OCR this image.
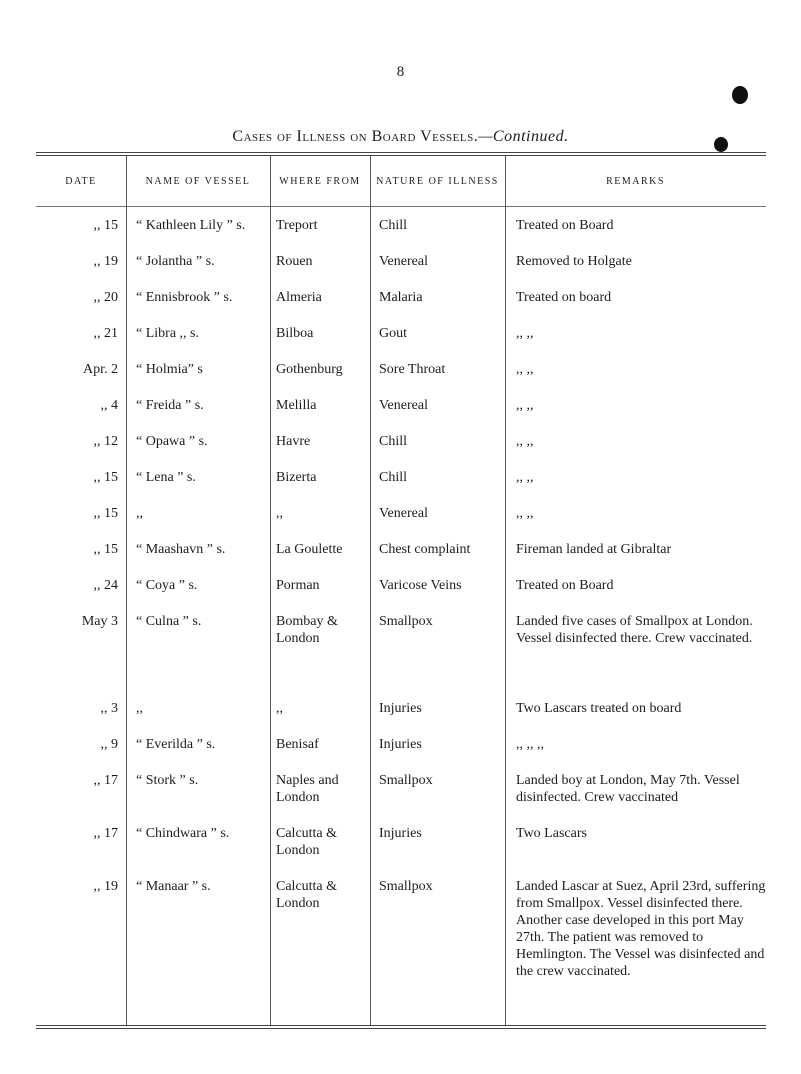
8
Cases of Illness on Board Vessels.—Continued.
DATE	NAME OF VESSEL	WHERE FROM	NATURE OF ILLNESS	REMARKS
,, 15	“ Kathleen Lily ” s.	Treport	Chill	Treated on Board
,, 19	“ Jolantha ” s.	Rouen	Venereal	Removed to Holgate
,, 20	“ Ennisbrook ” s.	Almeria	Malaria	Treated on board
,, 21	“ Libra ,, s.	Bilboa	Gout	,, ,,
Apr. 2	“ Holmia” s	Gothenburg	Sore Throat	,, ,,
,, 4	“ Freida ” s.	Melilla	Venereal	,, ,,
,, 12	“ Opawa ” s.	Havre	Chill	,, ,,
,, 15	“ Lena ” s.	Bizerta	Chill	,, ,,
,, 15	,,	,,	Venereal	,, ,,
,, 15	“ Maashavn ” s.	La Goulette	Chest complaint	Fireman landed at Gibraltar
,, 24	“ Coya ” s.	Porman	Varicose Veins	Treated on Board
May 3	“ Culna ” s.	Bombay & London	Smallpox	Landed five cases of Smallpox at London. Vessel disinfected there. Crew vaccinated.
,, 3	,,	,,	Injuries	Two Lascars treated on board
,, 9	“ Everilda ” s.	Benisaf	Injuries	,, ,, ,,
,, 17	“ Stork ” s.	Naples and London	Smallpox	Landed boy at London, May 7th. Vessel disinfected. Crew vaccinated
,, 17	“ Chindwara ” s.	Calcutta & London	Injuries	Two Lascars
,, 19	“ Manaar ” s.	Calcutta & London	Smallpox	Landed Lascar at Suez, April 23rd, suffering from Smallpox. Vessel disinfected there. Another case developed in this port May 27th. The patient was removed to Hemlington. The Vessel was disinfected and the crew vaccinated.
